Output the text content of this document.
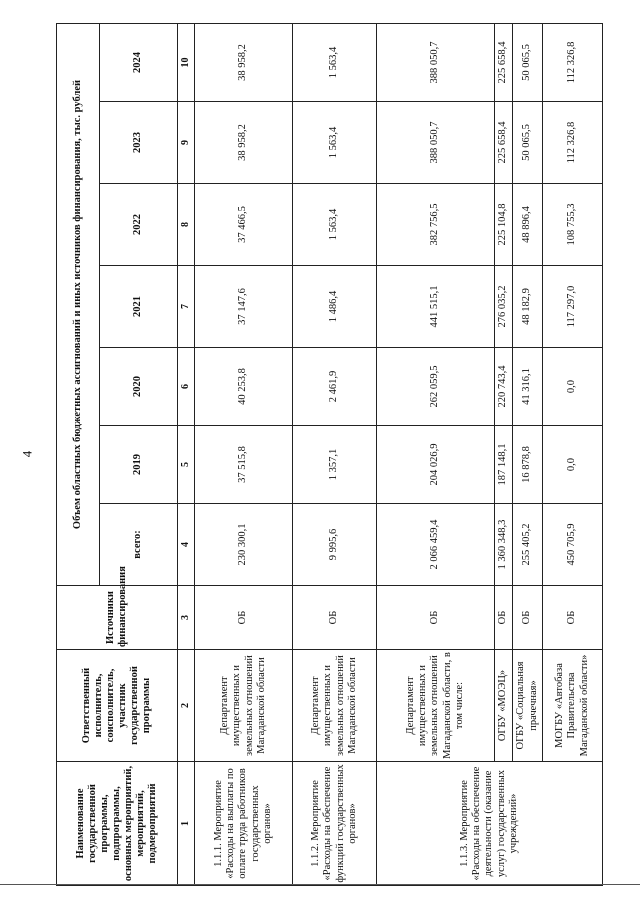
4
Наименование государственной программы, подпрограммы, основных мероприятий, мероприятий, подмероприятий	Ответственный исполнитель, соисполнитель, участник государственной программы	Источники финансирования	Объем областных бюджетных ассигнований и иных источников финансирования, тыс. рублей						
			всего:	2019	2020	2021	2022	2023	2024
1	2	3	4	5	6	7	8	9	10
1.1.1. Мероприятие «Расходы на выплаты по оплате труда работников государственных органов»	Департамент имущественных и земельных отношений Магаданской области	ОБ	230 300,1	37 515,8	40 253,8	37 147,6	37 466,5	38 958,2	38 958,2
1.1.2. Мероприятие «Расходы на обеспечение функций государственных органов»	Департамент имущественных и земельных отношений Магаданской области	ОБ	9 995,6	1 357,1	2 461,9	1 486,4	1 563,4	1 563,4	1 563,4
1.1.3. Мероприятие «Расходы на обеспечение деятельности (оказание услуг) государственных учреждений»	Департамент имущественных и земельных отношений Магаданской области, в том числе:	ОБ	2 066 459,4	204 026,9	262 059,5	441 515,1	382 756,5	388 050,7	388 050,7
	ОГБУ «МОЭЦ»	ОБ	1 360 348,3	187 148,1	220 743,4	276 035,2	225 104,8	225 658,4	225 658,4
	ОГБУ «Социальная прачечная»	ОБ	255 405,2	16 878,8	41 316,1	48 182,9	48 896,4	50 065,5	50 065,5
	МОГБУ «Автобаза Правительства Магаданской области»	ОБ	450 705,9	0,0	0,0	117 297,0	108 755,3	112 326,8	112 326,8
